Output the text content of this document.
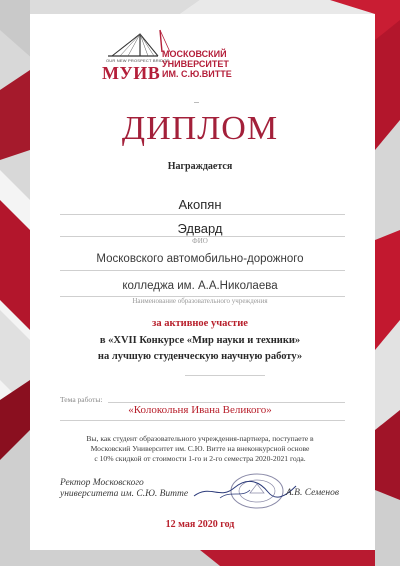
OUR NEW PROSPECT BRIDGE
МУИВ
МОСКОВСКИЙ
УНИВЕРСИТЕТ
ИМ. С.Ю.ВИТТЕ
ДИПЛОМ
Награждается
Акопян
Эдвард
ФИО
Московского автомобильно-дорожного
колледжа им. А.А.Николаева
Наименование образовательного учреждения
за активное участие
в «XVII Конкурсе «Мир науки и техники»
на лучшую студенческую научную работу»
Тема работы:
«Колокольня Ивана Великого»
Вы, как студент образовательного учреждения-партнера, поступаете в
Московский Университет им. С.Ю. Витте на внеконкурсной основе
с 10% скидкой от стоимости 1-го и 2-го семестра 2020-2021 года.
Ректор Московского
университета им. С.Ю. Витте	А.В. Семенов
12 мая 2020 год
